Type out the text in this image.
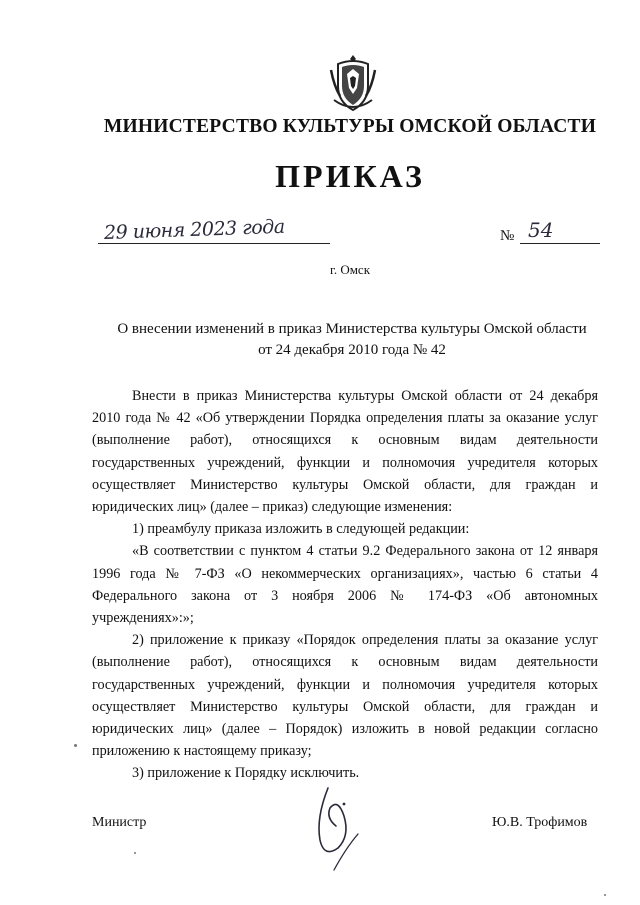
МИНИСТЕРСТВО КУЛЬТУРЫ ОМСКОЙ ОБЛАСТИ
ПРИКАЗ
29 июня 2023 года	№ 54
г. Омск
О внесении изменений в приказ Министерства культуры Омской области
от 24 декабря 2010 года № 42

Внести в приказ Министерства культуры Омской области от 24 декабря 2010 года № 42 «Об утверждении Порядка определения платы за оказание услуг (выполнение работ), относящихся к основным видам деятельности государственных учреждений, функции и полномочия учредителя которых осуществляет Министерство культуры Омской области, для граждан и юридических лиц» (далее – приказ) следующие изменения:

1) преамбулу приказа изложить в следующей редакции:

«В соответствии с пунктом 4 статьи 9.2 Федерального закона от 12 января 1996 года № 7-ФЗ «О некоммерческих организациях», частью 6 статьи 4 Федерального закона от 3 ноября 2006 № 174-ФЗ «Об автономных учреждениях»:»;

2) приложение к приказу «Порядок определения платы за оказание услуг (выполнение работ), относящихся к основным видам деятельности государственных учреждений, функции и полномочия учредителя которых осуществляет Министерство культуры Омской области, для граждан и юридических лиц» (далее – Порядок) изложить в новой редакции согласно приложению к настоящему приказу;

3) приложение к Порядку исключить.

Министр	Ю.В. Трофимов
